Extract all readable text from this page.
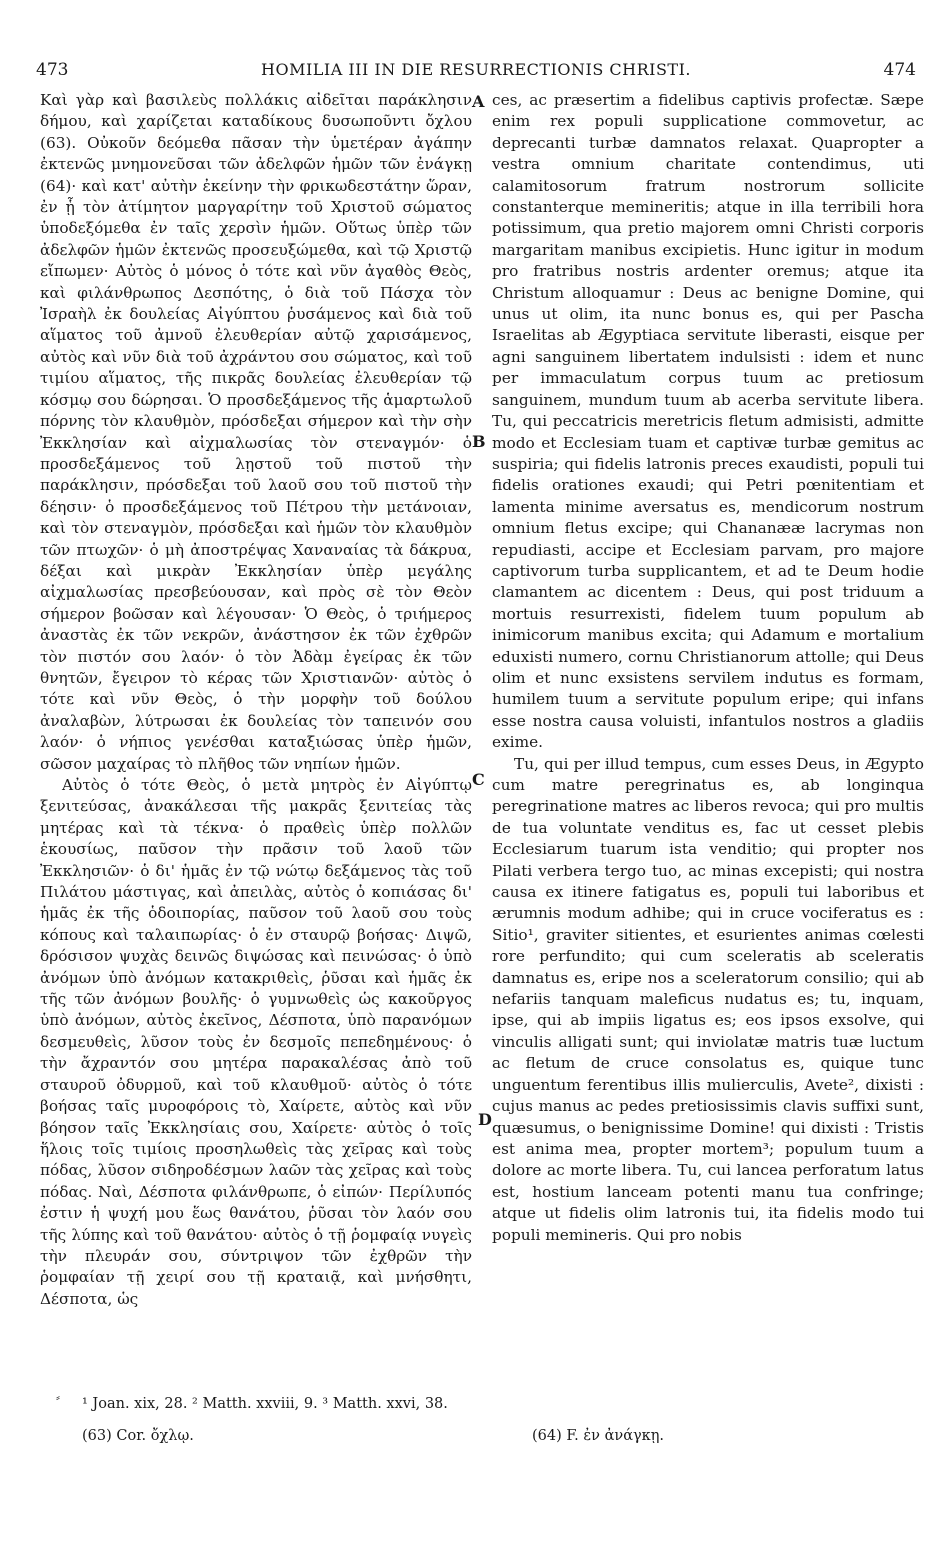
473	HOMILIA III IN DIE RESURRECTIONIS CHRISTI.	474

Καὶ γὰρ καὶ βασιλεὺς πολλάκις αἰδεῖται παράκλησιν δήμου, καὶ χαρίζεται καταδίκους δυσωποῦντι ὄχλου (63). Οὐκοῦν δεόμεθα πᾶσαν τὴν ὑμετέραν ἀγάπην ἐκτενῶς μνημονεῦσαι τῶν ἀδελφῶν ἡμῶν τῶν ἐνάγκῃ (64)· καὶ κατ' αὐτὴν ἐκείνην τὴν φρικωδεστάτην ὥραν, ἐν ᾗ τὸν ἀτίμητον μαργαρίτην τοῦ Χριστοῦ σώματος ὑποδεξόμεθα ἐν ταῖς χερσὶν ἡμῶν. Οὕτως ὑπὲρ τῶν ἀδελφῶν ἡμῶν ἐκτενῶς προσευξώμεθα, καὶ τῷ Χριστῷ εἴπωμεν· Αὐτὸς ὁ μόνος ὁ τότε καὶ νῦν ἀγαθὸς Θεὸς, καὶ φιλάνθρωπος Δεσπότης, ὁ διὰ τοῦ Πάσχα τὸν Ἰσραὴλ ἐκ δουλείας Αἰγύπτου ῥυσάμενος καὶ διὰ τοῦ αἵματος τοῦ ἀμνοῦ ἐλευθερίαν αὐτῷ χαρισάμενος, αὐτὸς καὶ νῦν διὰ τοῦ ἀχράντου σου σώματος, καὶ τοῦ τιμίου αἵματος, τῆς πικρᾶς δουλείας ἐλευθερίαν τῷ κόσμῳ σου δώρησαι. Ὁ προσδεξάμενος τῆς ἁμαρτωλοῦ πόρνης τὸν κλαυθμὸν, πρόσδεξαι σήμερον καὶ τὴν σὴν Ἐκκλησίαν καὶ αἰχμαλωσίας τὸν στεναγμόν· ὁ προσδεξάμενος τοῦ λῃστοῦ τοῦ πιστοῦ τὴν παράκλησιν, πρόσδεξαι τοῦ λαοῦ σου τοῦ πιστοῦ τὴν δέησιν· ὁ προσδεξάμενος τοῦ Πέτρου τὴν μετάνοιαν, καὶ τὸν στεναγμὸν, πρόσδεξαι καὶ ἡμῶν τὸν κλαυθμὸν τῶν πτωχῶν· ὁ μὴ ἀποστρέψας Χαναναίας τὰ δάκρυα, δέξαι καὶ μικρὰν Ἐκκλησίαν ὑπὲρ μεγάλης αἰχμαλωσίας πρεσβεύουσαν, καὶ πρὸς σὲ τὸν Θεὸν σήμερον βοῶσαν καὶ λέγουσαν· Ὁ Θεὸς, ὁ τριήμερος ἀναστὰς ἐκ τῶν νεκρῶν, ἀνάστησον ἐκ τῶν ἐχθρῶν τὸν πιστόν σου λαόν· ὁ τὸν Ἀδὰμ ἐγείρας ἐκ τῶν θνητῶν, ἔγειρον τὸ κέρας τῶν Χριστιανῶν· αὐτὸς ὁ τότε καὶ νῦν Θεὸς, ὁ τὴν μορφὴν τοῦ δούλου ἀναλαβὼν, λύτρωσαι ἐκ δουλείας τὸν ταπεινόν σου λαόν· ὁ νήπιος γενέσθαι καταξιώσας ὑπὲρ ἡμῶν, σῶσον μαχαίρας τὸ πλῆθος τῶν νηπίων ἡμῶν.

Αὐτὸς ὁ τότε Θεὸς, ὁ μετὰ μητρὸς ἐν Αἰγύπτῳ ξενιτεύσας, ἀνακάλεσαι τῆς μακρᾶς ξενιτείας τὰς μητέρας καὶ τὰ τέκνα· ὁ πραθεὶς ὑπὲρ πολλῶν ἑκουσίως, παῦσον τὴν πρᾶσιν τοῦ λαοῦ τῶν Ἐκκλησιῶν· ὁ δι' ἡμᾶς ἐν τῷ νώτῳ δεξάμενος τὰς τοῦ Πιλάτου μάστιγας, καὶ ἀπειλὰς, αὐτὸς ὁ κοπιάσας δι' ἡμᾶς ἐκ τῆς ὁδοιπορίας, παῦσον τοῦ λαοῦ σου τοὺς κόπους καὶ ταλαιπωρίας· ὁ ἐν σταυρῷ βοήσας· Διψῶ, δρόσισον ψυχὰς δεινῶς διψώσας καὶ πεινώσας· ὁ ὑπὸ ἀνόμων ὑπὸ ἀνόμων κατακριθεὶς, ῥῦσαι καὶ ἡμᾶς ἐκ τῆς τῶν ἀνόμων βουλῆς· ὁ γυμνωθεὶς ὡς κακοῦργος ὑπὸ ἀνόμων, αὐτὸς ἐκεῖνος, Δέσποτα, ὑπὸ παρανόμων δεσμευθεὶς, λῦσον τοὺς ἐν δεσμοῖς πεπεδημένους· ὁ τὴν ἄχραντόν σου μητέρα παρακαλέσας ἀπὸ τοῦ σταυροῦ ὀδυρμοῦ, καὶ τοῦ κλαυθμοῦ· αὐτὸς ὁ τότε βοήσας ταῖς μυροφόροις τὸ, Χαίρετε, αὐτὸς καὶ νῦν βόησον ταῖς Ἐκκλησίαις σου, Χαίρετε· αὐτὸς ὁ τοῖς ἥλοις τοῖς τιμίοις προσηλωθεὶς τὰς χεῖρας καὶ τοὺς πόδας, λῦσον σιδηροδέσμων λαῶν τὰς χεῖρας καὶ τοὺς πόδας. Ναὶ, Δέσποτα φιλάνθρωπε, ὁ εἰπών· Περίλυπός ἐστιν ἡ ψυχή μου ἕως θανάτου, ῥῦσαι τὸν λαόν σου τῆς λύπης καὶ τοῦ θανάτου· αὐτὸς ὁ τῇ ῥομφαίᾳ νυγεὶς τὴν πλευράν σου, σύντριψον τῶν ἐχθρῶν τὴν ῥομφαίαν τῇ χειρί σου τῇ κραταιᾷ, καὶ μνήσθητι, Δέσποτα, ὡς

ces, ac præsertim a fidelibus captivis profectæ. Sæpe enim rex populi supplicatione commovetur, ac deprecanti turbæ damnatos relaxat. Quapropter a vestra omnium charitate contendimus, uti calamitosorum fratrum nostrorum sollicite constanterque memineritis; atque in illa terribili hora potissimum, qua pretio majorem omni Christi corporis margaritam manibus excipietis. Hunc igitur in modum pro fratribus nostris ardenter oremus; atque ita Christum alloquamur : Deus ac benigne Domine, qui unus ut olim, ita nunc bonus es, qui per Pascha Israelitas ab Ægyptiaca servitute liberasti, eisque per agni sanguinem libertatem indulsisti : idem et nunc per immaculatum corpus tuum ac pretiosum sanguinem, mundum tuum ab acerba servitute libera. Tu, qui peccatricis meretricis fletum admisisti, admitte modo et Ecclesiam tuam et captivæ turbæ gemitus ac suspiria; qui fidelis latronis preces exaudisti, populi tui fidelis orationes exaudi; qui Petri pœnitentiam et lamenta minime aversatus es, mendicorum nostrum omnium fletus excipe; qui Chananææ lacrymas non repudiasti, accipe et Ecclesiam parvam, pro majore captivorum turba supplicantem, et ad te Deum hodie clamantem ac dicentem : Deus, qui post triduum a mortuis resurrexisti, fidelem tuum populum ab inimicorum manibus excita; qui Adamum e mortalium eduxisti numero, cornu Christianorum attolle; qui Deus olim et nunc exsistens servilem indutus es formam, humilem tuum a servitute populum eripe; qui infans esse nostra causa voluisti, infantulos nostros a gladiis exime.

Tu, qui per illud tempus, cum esses Deus, in Ægypto cum matre peregrinatus es, ab longinqua peregrinatione matres ac liberos revoca; qui pro multis de tua voluntate venditus es, fac ut cesset plebis Ecclesiarum tuarum ista venditio; qui propter nos Pilati verbera tergo tuo, ac minas excepisti; qui nostra causa ex itinere fatigatus es, populi tui laboribus et ærumnis modum adhibe; qui in cruce vociferatus es : Sitio¹, graviter sitientes, et esurientes animas cœlesti rore perfundito; qui cum sceleratis ab sceleratis damnatus es, eripe nos a sceleratorum consilio; qui ab nefariis tanquam maleficus nudatus es; tu, inquam, ipse, qui ab impiis ligatus es; eos ipsos exsolve, qui vinculis alligati sunt; qui inviolatæ matris tuæ luctum ac fletum de cruce consolatus es, quique tunc unguentum ferentibus illis mulierculis, Avete², dixisti : cujus manus ac pedes pretiosissimis clavis suffixi sunt, quæsumus, o benignissime Domine! qui dixisti : Tristis est anima mea, propter mortem³; populum tuum a dolore ac morte libera. Tu, cui lancea perforatum latus est, hostium lanceam potenti manu tua confringe; atque ut fidelis olim latronis tui, ita fidelis modo tui populi memineris. Qui pro nobis

A
B
C
D
⸗ ¹ Joan. xix, 28. ² Matth. xxviii, 9. ³ Matth. xxvi, 38.
(63) Cor. ὄχλῳ.	(64) F. ἐν ἀνάγκῃ.
